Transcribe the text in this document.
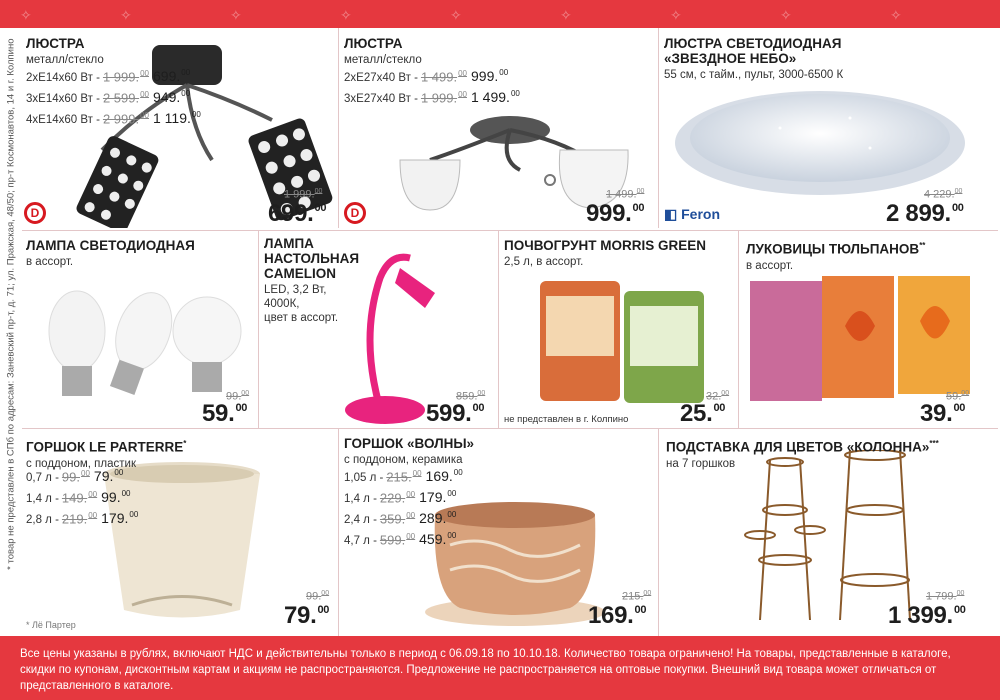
✧	✧	✧	✧	✧	✧	✧	✧	✧
* товар не представлен в СПб по адресам: Заневский пр-т, д. 71; ул. Пражская, 48/50; пр-т Космонавтов, 14 и г. Колпино ЛЮСТРА
металл/стекло
2хЕ14х60 Вт - 1 999.00 699.00
3хЕ14х60 Вт - 2 599.00 949.00
4хЕ14х60 Вт - 2 999.00 1 119.00
D
1 999.00
699.00
ЛЮСТРА
металл/стекло
2хЕ27х40 Вт - 1 499.00 999.00
3хЕ27х40 Вт - 1 999.00 1 499.00
D
1 499.00
999.00
ЛЮСТРА СВЕТОДИОДНАЯ «ЗВЕЗДНОЕ НЕБО»
55 см, с тайм., пульт, 3000-6500 К
◧ Feron
4 229.00
2 899.00
ЛАМПА СВЕТОДИОДНАЯ
в ассорт.
99.00
59.00
ЛАМПА
НАСТОЛЬНАЯ
CAMELION
LED, 3,2 Вт,
4000К,
цвет в ассорт.
859.00
599.00
ПОЧВОГРУНТ MORRIS GREEN
2,5 л, в ассорт.
не представлен в г. Колпино
32.00
25.00
ЛУКОВИЦЫ ТЮЛЬПАНОВ**
в ассорт.
59.00
39.00
ГОРШОК LE PARTERRE*
с поддоном, пластик
0,7 л - 99.00 79.00
1,4 л - 149.00 99.00
2,8 л - 219.00 179.00
99.00
79.00
ГОРШОК «ВОЛНЫ»
с поддоном, керамика
1,05 л - 215.00 169.00
1,4 л - 229.00 179.00
2,4 л - 359.00 289.00
4,7 л - 599.00 459.00
215.00
169.00
ПОДСТАВКА ДЛЯ ЦВЕТОВ «КОЛОННА»***
на 7 горшков
1 799.00
1 399.00
* Лё Партер
Все цены указаны в рублях, включают НДС и действительны только в период с 06.09.18 по 10.10.18. Количество товара ограничено! На товары, представленные в каталоге, скидки по купонам, дисконтным картам и акциям не распространяются. Предложение не распространяется на оптовые покупки. Внешний вид товара может отличаться от представленного в каталоге.
